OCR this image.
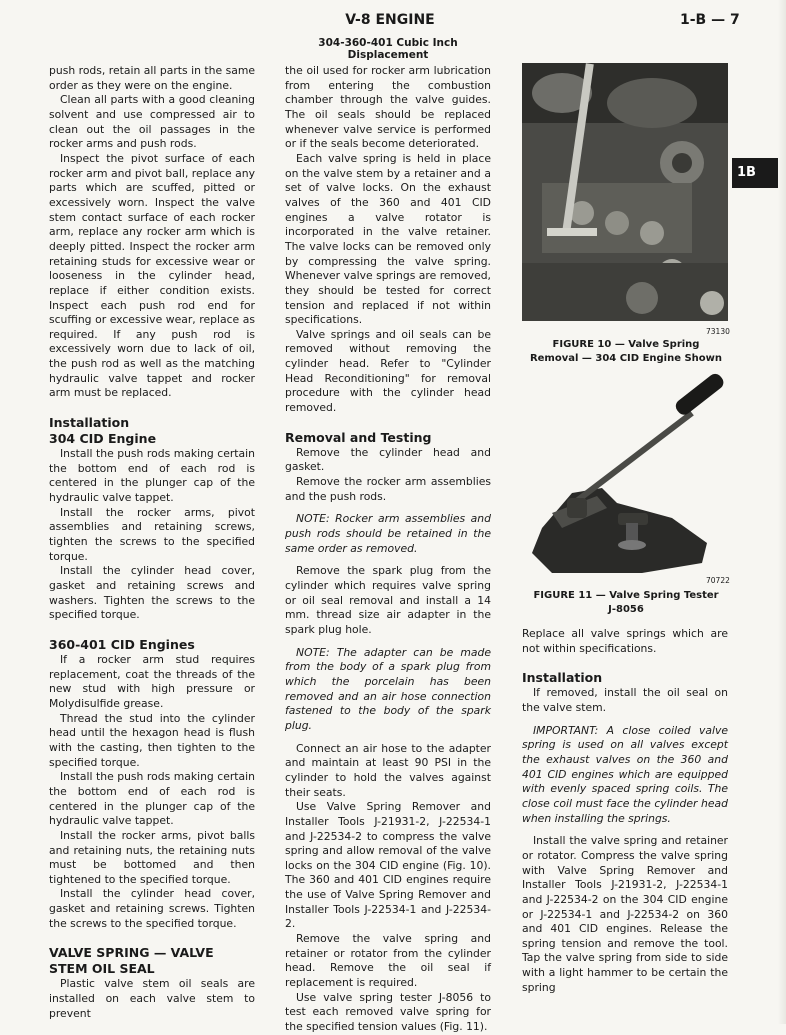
V-8 ENGINE
304-360-401 Cubic Inch Displacement
1-B — 7
1B

push rods, retain all parts in the same order as they were on the engine.

Clean all parts with a good cleaning solvent and use compressed air to clean out the oil passages in the rocker arms and push rods.

Inspect the pivot surface of each rocker arm and pivot ball, replace any parts which are scuffed, pitted or excessively worn. Inspect the valve stem contact surface of each rocker arm, replace any rocker arm which is deeply pitted. Inspect the rocker arm retaining studs for excessive wear or looseness in the cylinder head, replace if either condition exists. Inspect each push rod end for scuffing or excessive wear, replace as required. If any push rod is excessively worn due to lack of oil, the push rod as well as the matching hydraulic valve tappet and rocker arm must be replaced.

Installation
304 CID Engine

Install the push rods making certain the bottom end of each rod is centered in the plunger cap of the hydraulic valve tappet.

Install the rocker arms, pivot assemblies and retaining screws, tighten the screws to the specified torque.

Install the cylinder head cover, gasket and retaining screws and washers. Tighten the screws to the specified torque.

360-401 CID Engines

If a rocker arm stud requires replacement, coat the threads of the new stud with high pressure or Molydisulfide grease.

Thread the stud into the cylinder head until the hexagon head is flush with the casting, then tighten to the specified torque.

Install the push rods making certain the bottom end of each rod is centered in the plunger cap of the hydraulic valve tappet.

Install the rocker arms, pivot balls and retaining nuts, the retaining nuts must be bottomed and then tightened to the specified torque.

Install the cylinder head cover, gasket and retaining screws. Tighten the screws to the specified torque.

VALVE SPRING — VALVE STEM OIL SEAL

Plastic valve stem oil seals are installed on each valve stem to prevent

the oil used for rocker arm lubrication from entering the combustion chamber through the valve guides. The oil seals should be replaced whenever valve service is performed or if the seals become deteriorated.

Each valve spring is held in place on the valve stem by a retainer and a set of valve locks. On the exhaust valves of the 360 and 401 CID engines a valve rotator is incorporated in the valve retainer. The valve locks can be removed only by compressing the valve spring. Whenever valve springs are removed, they should be tested for correct tension and replaced if not within specifications.

Valve springs and oil seals can be removed without removing the cylinder head. Refer to "Cylinder Head Reconditioning" for removal procedure with the cylinder head removed.

Removal and Testing

Remove the cylinder head and gasket.

Remove the rocker arm assemblies and the push rods.

NOTE: Rocker arm assemblies and push rods should be retained in the same order as removed.

Remove the spark plug from the cylinder which requires valve spring or oil seal removal and install a 14 mm. thread size air adapter in the spark plug hole.

NOTE: The adapter can be made from the body of a spark plug from which the porcelain has been removed and an air hose connection fastened to the body of the spark plug.

Connect an air hose to the adapter and maintain at least 90 PSI in the cylinder to hold the valves against their seats.

Use Valve Spring Remover and Installer Tools J-21931-2, J-22534-1 and J-22534-2 to compress the valve spring and allow removal of the valve locks on the 304 CID engine (Fig. 10). The 360 and 401 CID engines require the use of Valve Spring Remover and Installer Tools J-22534-1 and J-22534-2.

Remove the valve spring and retainer or rotator from the cylinder head. Remove the oil seal if replacement is required.

Use valve spring tester J-8056 to test each removed valve spring for the specified tension values (Fig. 11).

73130
FIGURE 10 — Valve Spring Removal — 304 CID Engine Shown
70722
FIGURE 11 — Valve Spring Tester J-8056

Replace all valve springs which are not within specifications.

Installation

If removed, install the oil seal on the valve stem.

IMPORTANT: A close coiled valve spring is used on all valves except the exhaust valves on the 360 and 401 CID engines which are equipped with evenly spaced spring coils. The close coil must face the cylinder head when installing the springs.

Install the valve spring and retainer or rotator. Compress the valve spring with Valve Spring Remover and Installer Tools J-21931-2, J-22534-1 and J-22534-2 on the 304 CID engine or J-22534-1 and J-22534-2 on 360 and 401 CID engines. Release the spring tension and remove the tool. Tap the valve spring from side to side with a light hammer to be certain the spring
